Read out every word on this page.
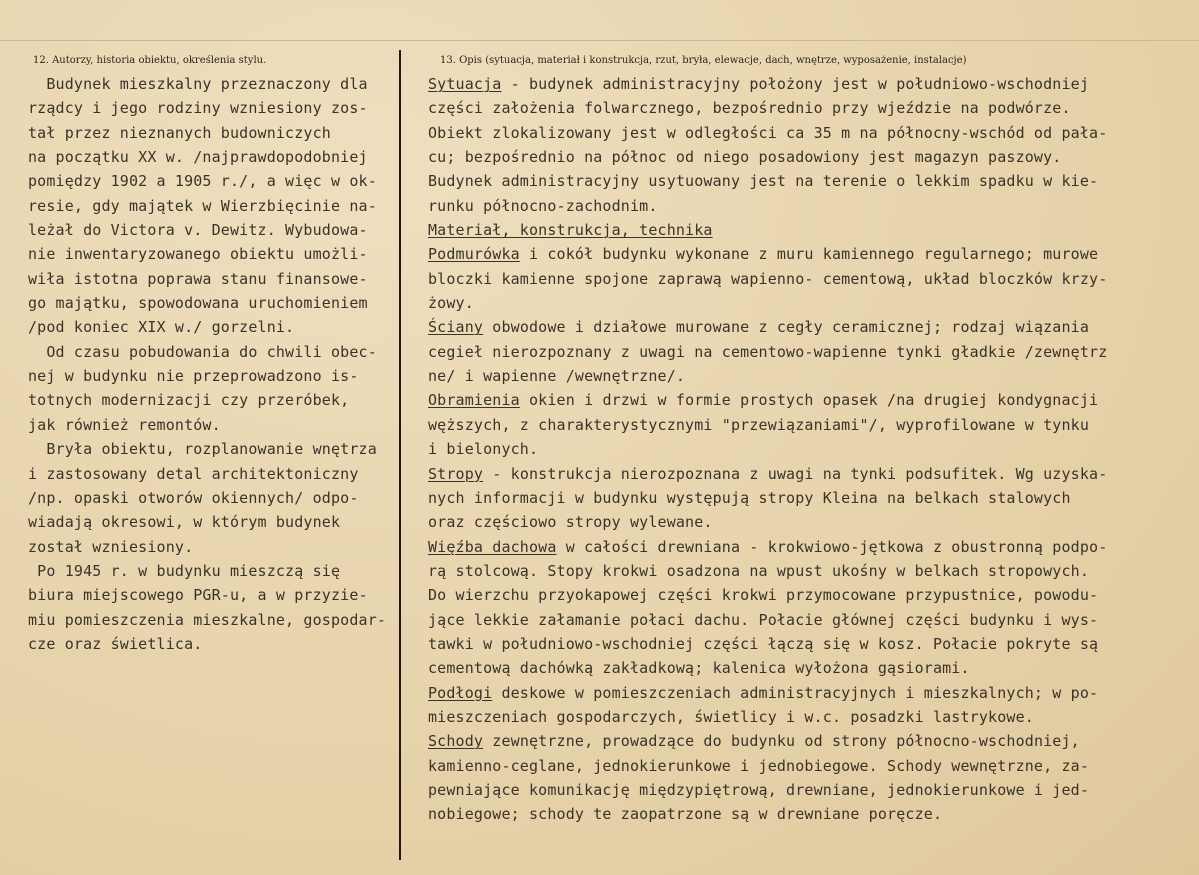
12. Autorzy, historia obiektu, określenia stylu.	13. Opis (sytuacja, materiał i konstrukcja, rzut, bryła, elewacje, dach, wnętrze, wyposażenie, instalacje)
Budynek mieszkalny przeznaczony dla
rządcy i jego rodziny wzniesiony zos-
tał przez nieznanych budowniczych
na początku XX w. /najprawdopodobniej
pomiędzy 1902 a 1905 r./, a więc w ok-
resie, gdy majątek w Wierzbięcinie na-
leżał do Victora v. Dewitz. Wybudowa-
nie inwentaryzowanego obiektu umożli-
wiła istotna poprawa stanu finansowe-
go majątku, spowodowana uruchomieniem
/pod koniec XIX w./ gorzelni.
Od czasu pobudowania do chwili obec-
nej w budynku nie przeprowadzono is-
totnych modernizacji czy przeróbek,
jak również remontów.
Bryła obiektu, rozplanowanie wnętrza
i zastosowany detal architektoniczny
/np. opaski otworów okiennych/ odpo-
wiadają okresowi, w którym budynek
został wzniesiony.
Po 1945 r. w budynku mieszczą się
biura miejscowego PGR-u, a w przyzie-
miu pomieszczenia mieszkalne, gospodar-
cze oraz świetlica.
Sytuacja - budynek administracyjny położony jest w południowo-wschodniej
części założenia folwarcznego, bezpośrednio przy wjeździe na podwórze.
Obiekt zlokalizowany jest w odległości ca 35 m na północny-wschód od pała-
cu; bezpośrednio na północ od niego posadowiony jest magazyn paszowy.
Budynek administracyjny usytuowany jest na terenie o lekkim spadku w kie-
runku północno-zachodnim.
Materiał, konstrukcja, technika
Podmurówka i cokół budynku wykonane z muru kamiennego regularnego; murowe
bloczki kamienne spojone zaprawą wapienno- cementową, układ bloczków krzy-
żowy.
Ściany obwodowe i działowe murowane z cegły ceramicznej; rodzaj wiązania
cegieł nierozpoznany z uwagi na cementowo-wapienne tynki gładkie /zewnętrz
ne/ i wapienne /wewnętrzne/.
Obramienia okien i drzwi w formie prostych opasek /na drugiej kondygnacji
węższych, z charakterystycznymi "przewiązaniami"/, wyprofilowane w tynku
i bielonych.
Stropy - konstrukcja nierozpoznana z uwagi na tynki podsufitek. Wg uzyska-
nych informacji w budynku występują stropy Kleina na belkach stalowych
oraz częściowo stropy wylewane.
Więźba dachowa w całości drewniana - krokwiowo-jętkowa z obustronną podpo-
rą stolcową. Stopy krokwi osadzona na wpust ukośny w belkach stropowych.
Do wierzchu przyokapowej części krokwi przymocowane przypustnice, powodu-
jące lekkie załamanie połaci dachu. Połacie głównej części budynku i wys-
tawki w południowo-wschodniej części łączą się w kosz. Połacie pokryte są
cementową dachówką zakładkową; kalenica wyłożona gąsiorami.
Podłogi deskowe w pomieszczeniach administracyjnych i mieszkalnych; w po-
mieszczeniach gospodarczych, świetlicy i w.c. posadzki lastrykowe.
Schody zewnętrzne, prowadzące do budynku od strony północno-wschodniej,
kamienno-ceglane, jednokierunkowe i jednobiegowe. Schody wewnętrzne, za-
pewniające komunikację międzypiętrową, drewniane, jednokierunkowe i jed-
nobiegowe; schody te zaopatrzone są w drewniane poręcze.
